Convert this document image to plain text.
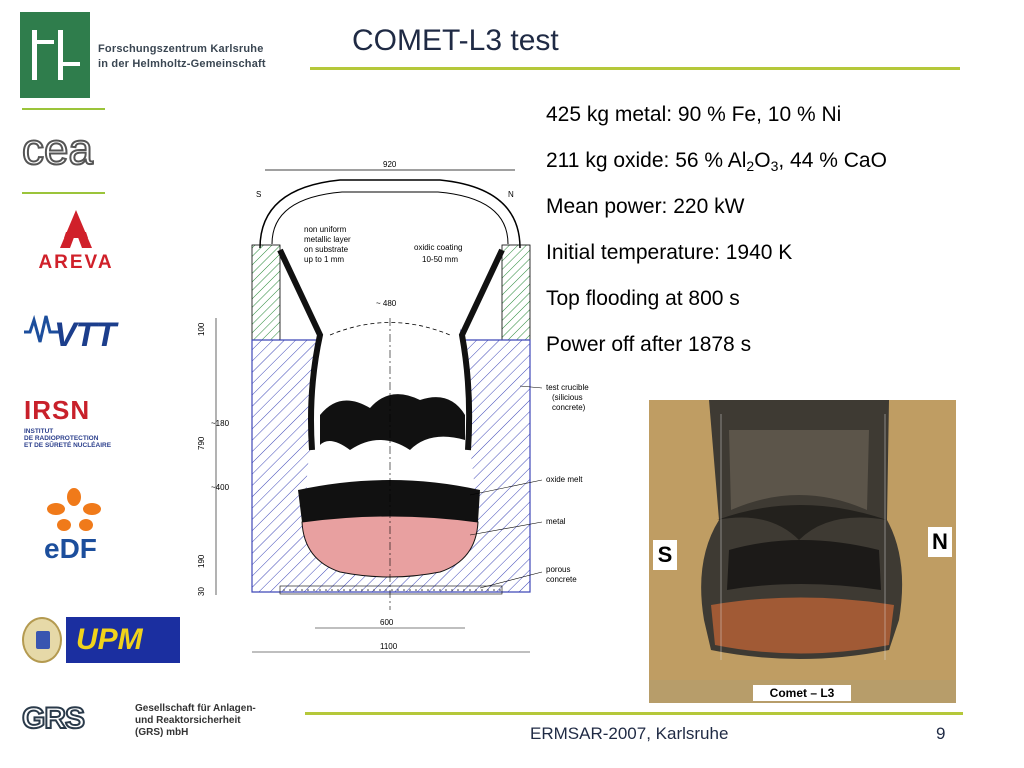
COMET-L3 test
Forschungszentrum Karlsruhe
in der Helmholtz-Gemeinschaft
cea
AREVA
VTT
IRSN
INSTITUT
DE RADIOPROTECTION
ET DE SÛRETÉ NUCLÉAIRE
eDF
UPM
GRS	Gesellschaft für Anlagen-
und Reaktorsicherheit
(GRS) mbH
920
S	N
~ 480
non uniform
metallic layer
on substrate
up to 1 mm
oxidic coating
10-50 mm
100
790
190
30
~180
~400
600
1100
test crucible
(silicious
concrete)
oxide melt
metal
porous
concrete
425 kg metal: 90 % Fe, 10 % Ni
211 kg oxide: 56 % $Al_2O_3$, 44 % CaO
Mean power: 220 kW
Initial temperature: 1940 K
Top flooding at 800 s
Power off after 1878 s
S
N
Comet – L3
ERMSAR-2007, Karlsruhe	9
